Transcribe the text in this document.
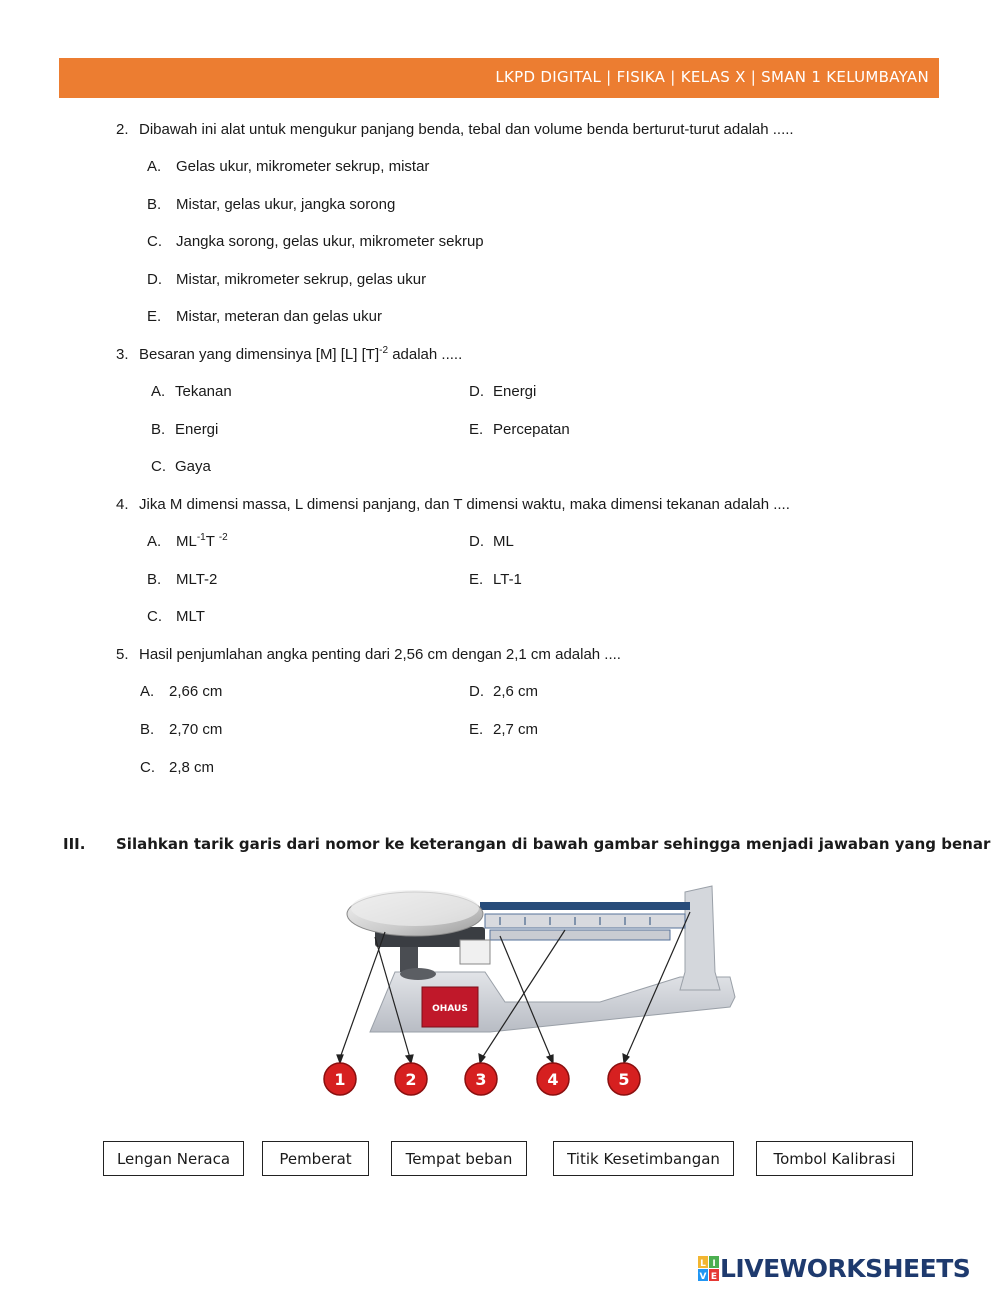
LKPD DIGITAL | FISIKA | KELAS X | SMAN 1 KELUMBAYAN
2. Dibawah ini alat untuk mengukur panjang benda, tebal dan volume benda berturut-turut adalah .....
A. Gelas ukur, mikrometer sekrup, mistar
B. Mistar, gelas ukur, jangka sorong
C. Jangka sorong, gelas ukur, mikrometer sekrup
D. Mistar, mikrometer sekrup, gelas ukur
E. Mistar, meteran dan gelas ukur
3. Besaran yang dimensinya [M] [L] $[T]^{-2}$ adalah .....
A. Tekanan
B. Energi
C. Gaya
D. Energi
E. Percepatan
4. Jika M dimensi massa, L dimensi panjang, dan T dimensi waktu, maka dimensi tekanan adalah ....
A. $ML^{-1}T$ $^{-2}$
B. MLT-2
C. MLT
D. ML
E. LT-1
5. Hasil penjumlahan angka penting dari 2,56 cm dengan 2,1 cm adalah ....
A. 2,66 cm
B. 2,70 cm
C. 2,8 cm
D. 2,6 cm
E. 2,7 cm
III. Silahkan tarik garis dari nomor ke keterangan di bawah gambar sehingga menjadi jawaban yang benar
OHAUS
1	2	3	4	5
Lengan Neraca	Pemberat	Tempat beban	Titik Kesetimbangan	Tombol Kalibrasi
L I
V E LIVEWORKSHEETS
